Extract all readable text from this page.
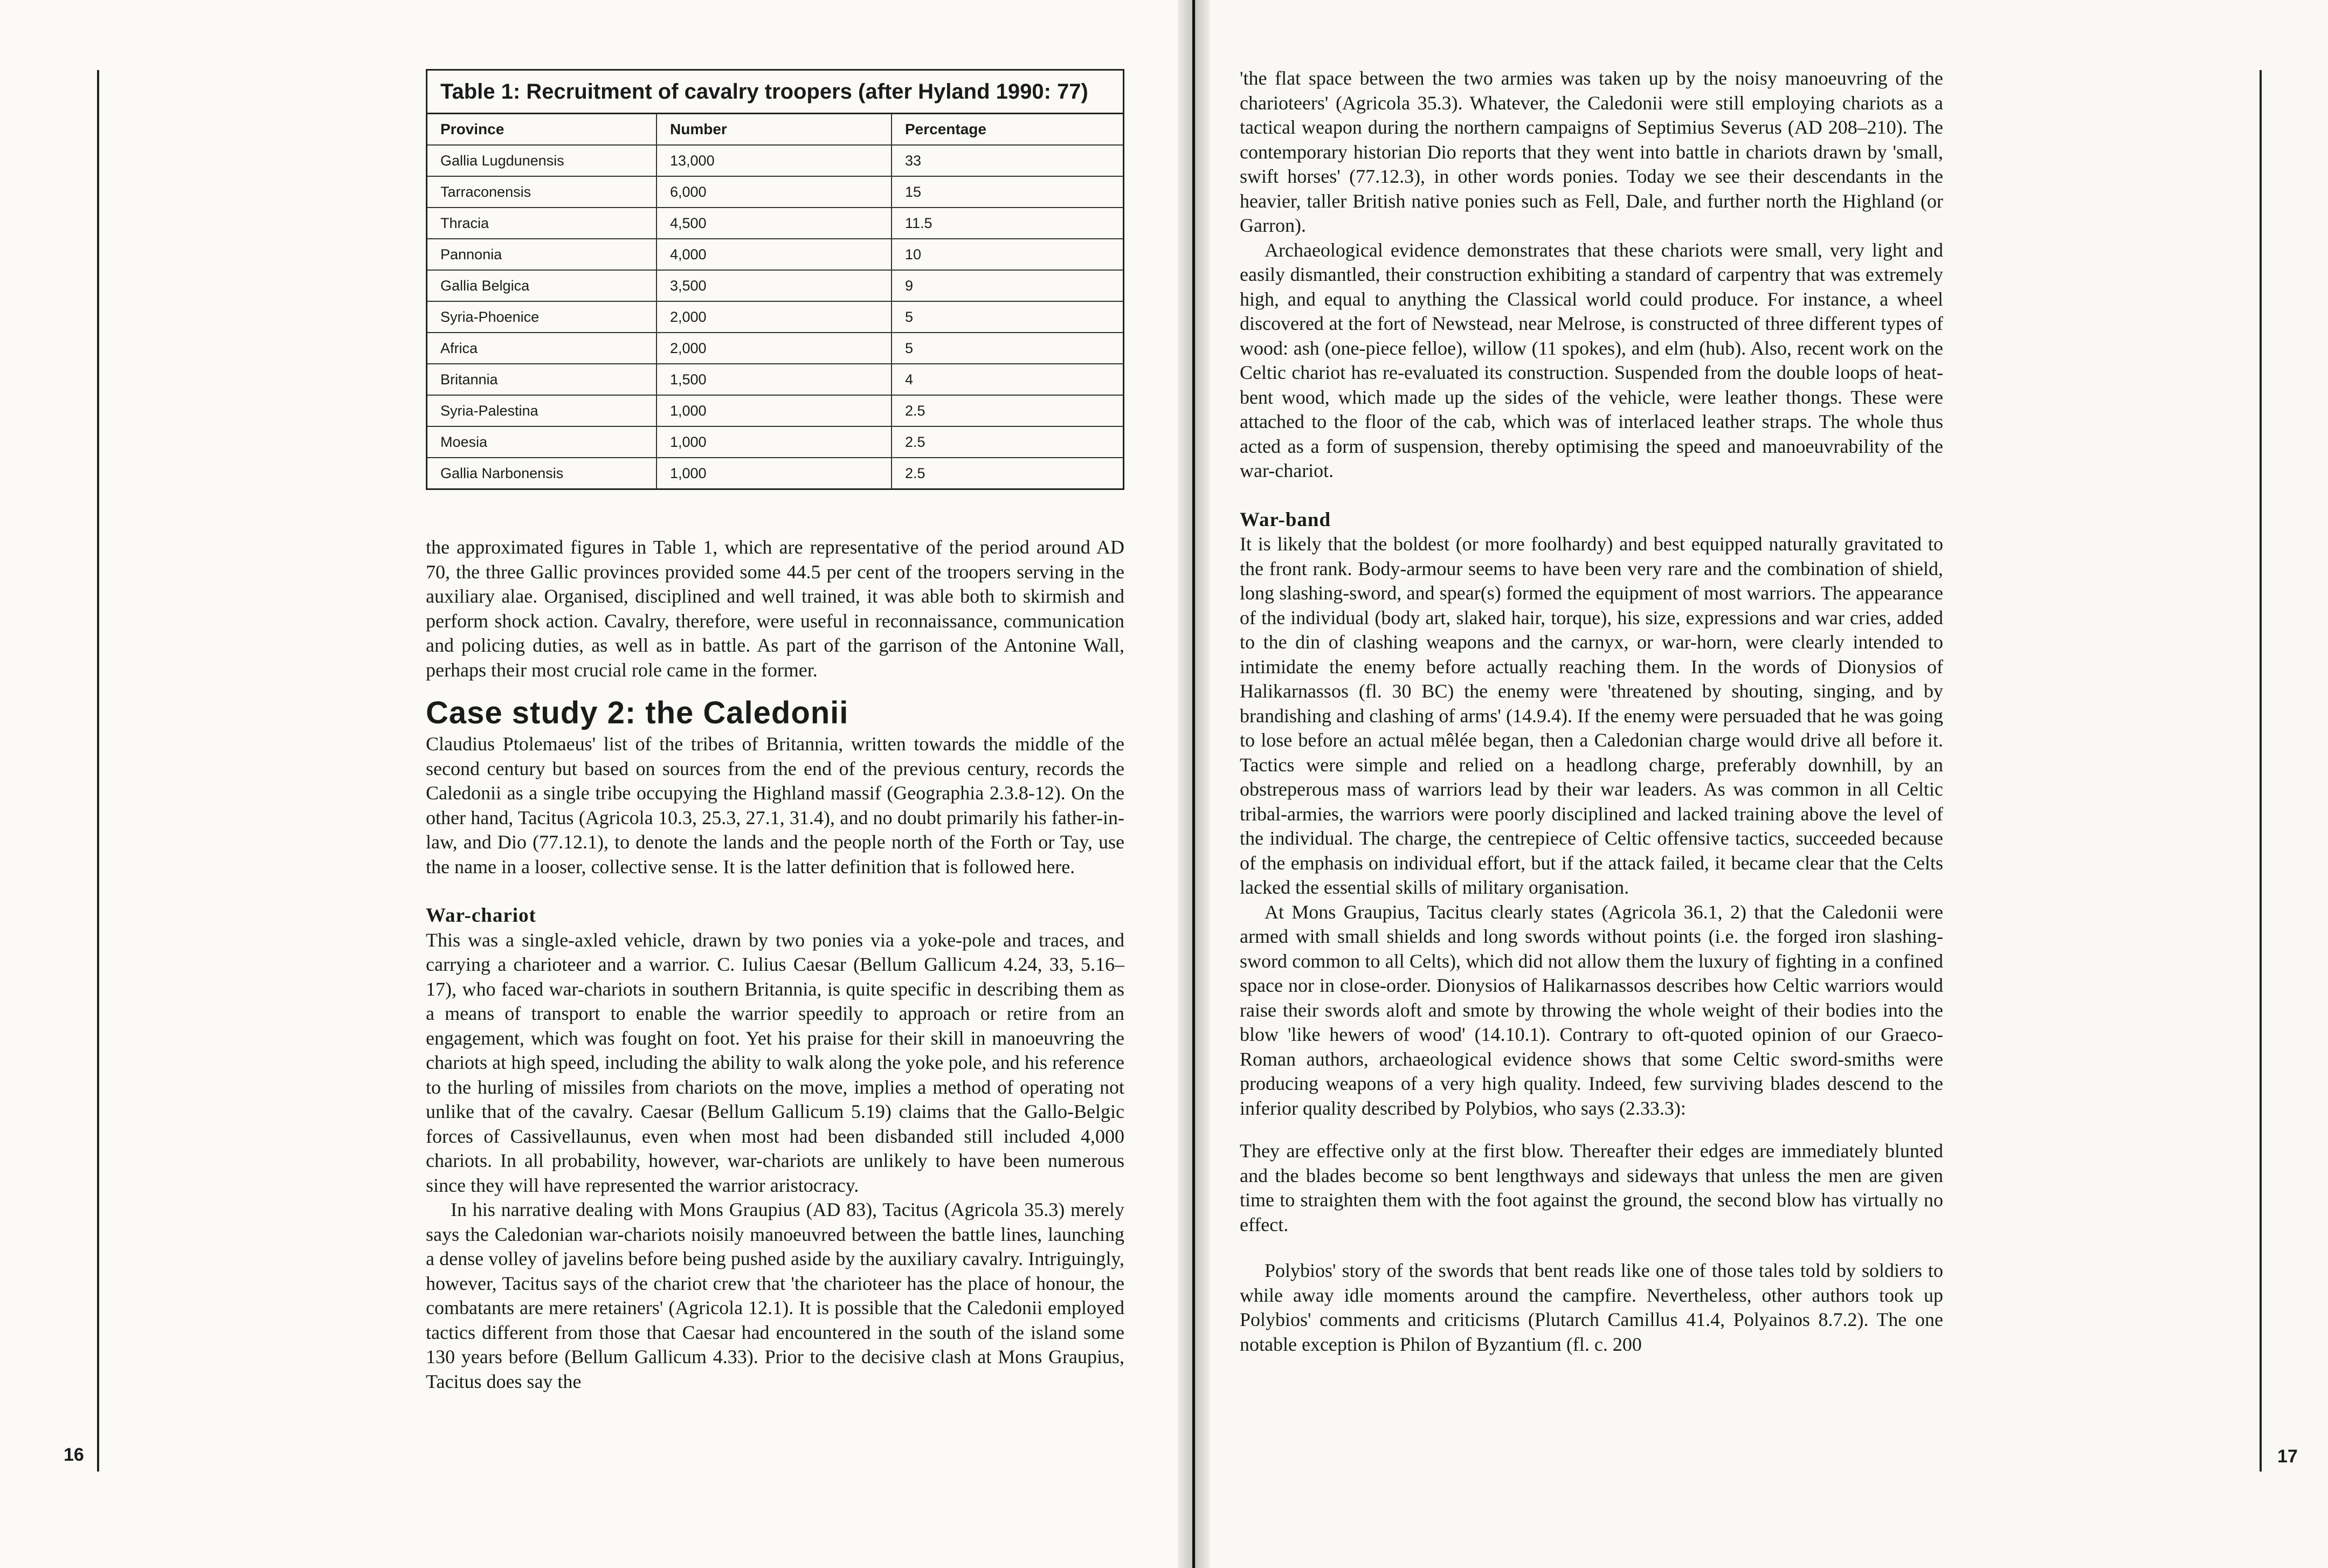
16	17
Table 1: Recruitment of cavalry troopers (after Hyland 1990: 77)		
Province	Number	Percentage
Gallia Lugdunensis	13,000	33
Tarraconensis	6,000	15
Thracia	4,500	11.5
Pannonia	4,000	10
Gallia Belgica	3,500	9
Syria-Phoenice	2,000	5
Africa	2,000	5
Britannia	1,500	4
Syria-Palestina	1,000	2.5
Moesia	1,000	2.5
Gallia Narbonensis	1,000	2.5

the approximated figures in Table 1, which are representative of the period around AD 70, the three Gallic provinces provided some 44.5 per cent of the troopers serving in the auxiliary alae. Organised, disciplined and well trained, it was able both to skirmish and perform shock action. Cavalry, therefore, were useful in reconnaissance, communication and policing duties, as well as in battle. As part of the garrison of the Antonine Wall, perhaps their most crucial role came in the former.

Case study 2: the Caledonii

Claudius Ptolemaeus' list of the tribes of Britannia, written towards the middle of the second century but based on sources from the end of the previous century, records the Caledonii as a single tribe occupying the Highland massif (Geographia 2.3.8-12). On the other hand, Tacitus (Agricola 10.3, 25.3, 27.1, 31.4), and no doubt primarily his father-in-law, and Dio (77.12.1), to denote the lands and the people north of the Forth or Tay, use the name in a looser, collective sense. It is the latter definition that is followed here.

War-chariot

This was a single-axled vehicle, drawn by two ponies via a yoke-pole and traces, and carrying a charioteer and a warrior. C. Iulius Caesar (Bellum Gallicum 4.24, 33, 5.16–17), who faced war-chariots in southern Britannia, is quite specific in describing them as a means of transport to enable the warrior speedily to approach or retire from an engagement, which was fought on foot. Yet his praise for their skill in manoeuvring the chariots at high speed, including the ability to walk along the yoke pole, and his reference to the hurling of missiles from chariots on the move, implies a method of operating not unlike that of the cavalry. Caesar (Bellum Gallicum 5.19) claims that the Gallo-Belgic forces of Cassivellaunus, even when most had been disbanded still included 4,000 chariots. In all probability, however, war-chariots are unlikely to have been numerous since they will have represented the warrior aristocracy.

In his narrative dealing with Mons Graupius (AD 83), Tacitus (Agricola 35.3) merely says the Caledonian war-chariots noisily manoeuvred between the battle lines, launching a dense volley of javelins before being pushed aside by the auxiliary cavalry. Intriguingly, however, Tacitus says of the chariot crew that 'the charioteer has the place of honour, the combatants are mere retainers' (Agricola 12.1). It is possible that the Caledonii employed tactics different from those that Caesar had encountered in the south of the island some 130 years before (Bellum Gallicum 4.33). Prior to the decisive clash at Mons Graupius, Tacitus does say the

'the flat space between the two armies was taken up by the noisy manoeuvring of the charioteers' (Agricola 35.3). Whatever, the Caledonii were still employing chariots as a tactical weapon during the northern campaigns of Septimius Severus (AD 208–210). The contemporary historian Dio reports that they went into battle in chariots drawn by 'small, swift horses' (77.12.3), in other words ponies. Today we see their descendants in the heavier, taller British native ponies such as Fell, Dale, and further north the Highland (or Garron).

Archaeological evidence demonstrates that these chariots were small, very light and easily dismantled, their construction exhibiting a standard of carpentry that was extremely high, and equal to anything the Classical world could produce. For instance, a wheel discovered at the fort of Newstead, near Melrose, is constructed of three different types of wood: ash (one-piece felloe), willow (11 spokes), and elm (hub). Also, recent work on the Celtic chariot has re-evaluated its construction. Suspended from the double loops of heat-bent wood, which made up the sides of the vehicle, were leather thongs. These were attached to the floor of the cab, which was of interlaced leather straps. The whole thus acted as a form of suspension, thereby optimising the speed and manoeuvrability of the war-chariot.

War-band

It is likely that the boldest (or more foolhardy) and best equipped naturally gravitated to the front rank. Body-armour seems to have been very rare and the combination of shield, long slashing-sword, and spear(s) formed the equipment of most warriors. The appearance of the individual (body art, slaked hair, torque), his size, expressions and war cries, added to the din of clashing weapons and the carnyx, or war-horn, were clearly intended to intimidate the enemy before actually reaching them. In the words of Dionysios of Halikarnassos (fl. 30 BC) the enemy were 'threatened by shouting, singing, and by brandishing and clashing of arms' (14.9.4). If the enemy were persuaded that he was going to lose before an actual mêlée began, then a Caledonian charge would drive all before it. Tactics were simple and relied on a headlong charge, preferably downhill, by an obstreperous mass of warriors lead by their war leaders. As was common in all Celtic tribal-armies, the warriors were poorly disciplined and lacked training above the level of the individual. The charge, the centrepiece of Celtic offensive tactics, succeeded because of the emphasis on individual effort, but if the attack failed, it became clear that the Celts lacked the essential skills of military organisation.

At Mons Graupius, Tacitus clearly states (Agricola 36.1, 2) that the Caledonii were armed with small shields and long swords without points (i.e. the forged iron slashing-sword common to all Celts), which did not allow them the luxury of fighting in a confined space nor in close-order. Dionysios of Halikarnassos describes how Celtic warriors would raise their swords aloft and smote by throwing the whole weight of their bodies into the blow 'like hewers of wood' (14.10.1). Contrary to oft-quoted opinion of our Graeco-Roman authors, archaeological evidence shows that some Celtic sword-smiths were producing weapons of a very high quality. Indeed, few surviving blades descend to the inferior quality described by Polybios, who says (2.33.3):

They are effective only at the first blow. Thereafter their edges are immediately blunted and the blades become so bent lengthways and sideways that unless the men are given time to straighten them with the foot against the ground, the second blow has virtually no effect.

Polybios' story of the swords that bent reads like one of those tales told by soldiers to while away idle moments around the campfire. Nevertheless, other authors took up Polybios' comments and criticisms (Plutarch Camillus 41.4, Polyainos 8.7.2). The one notable exception is Philon of Byzantium (fl. c. 200
